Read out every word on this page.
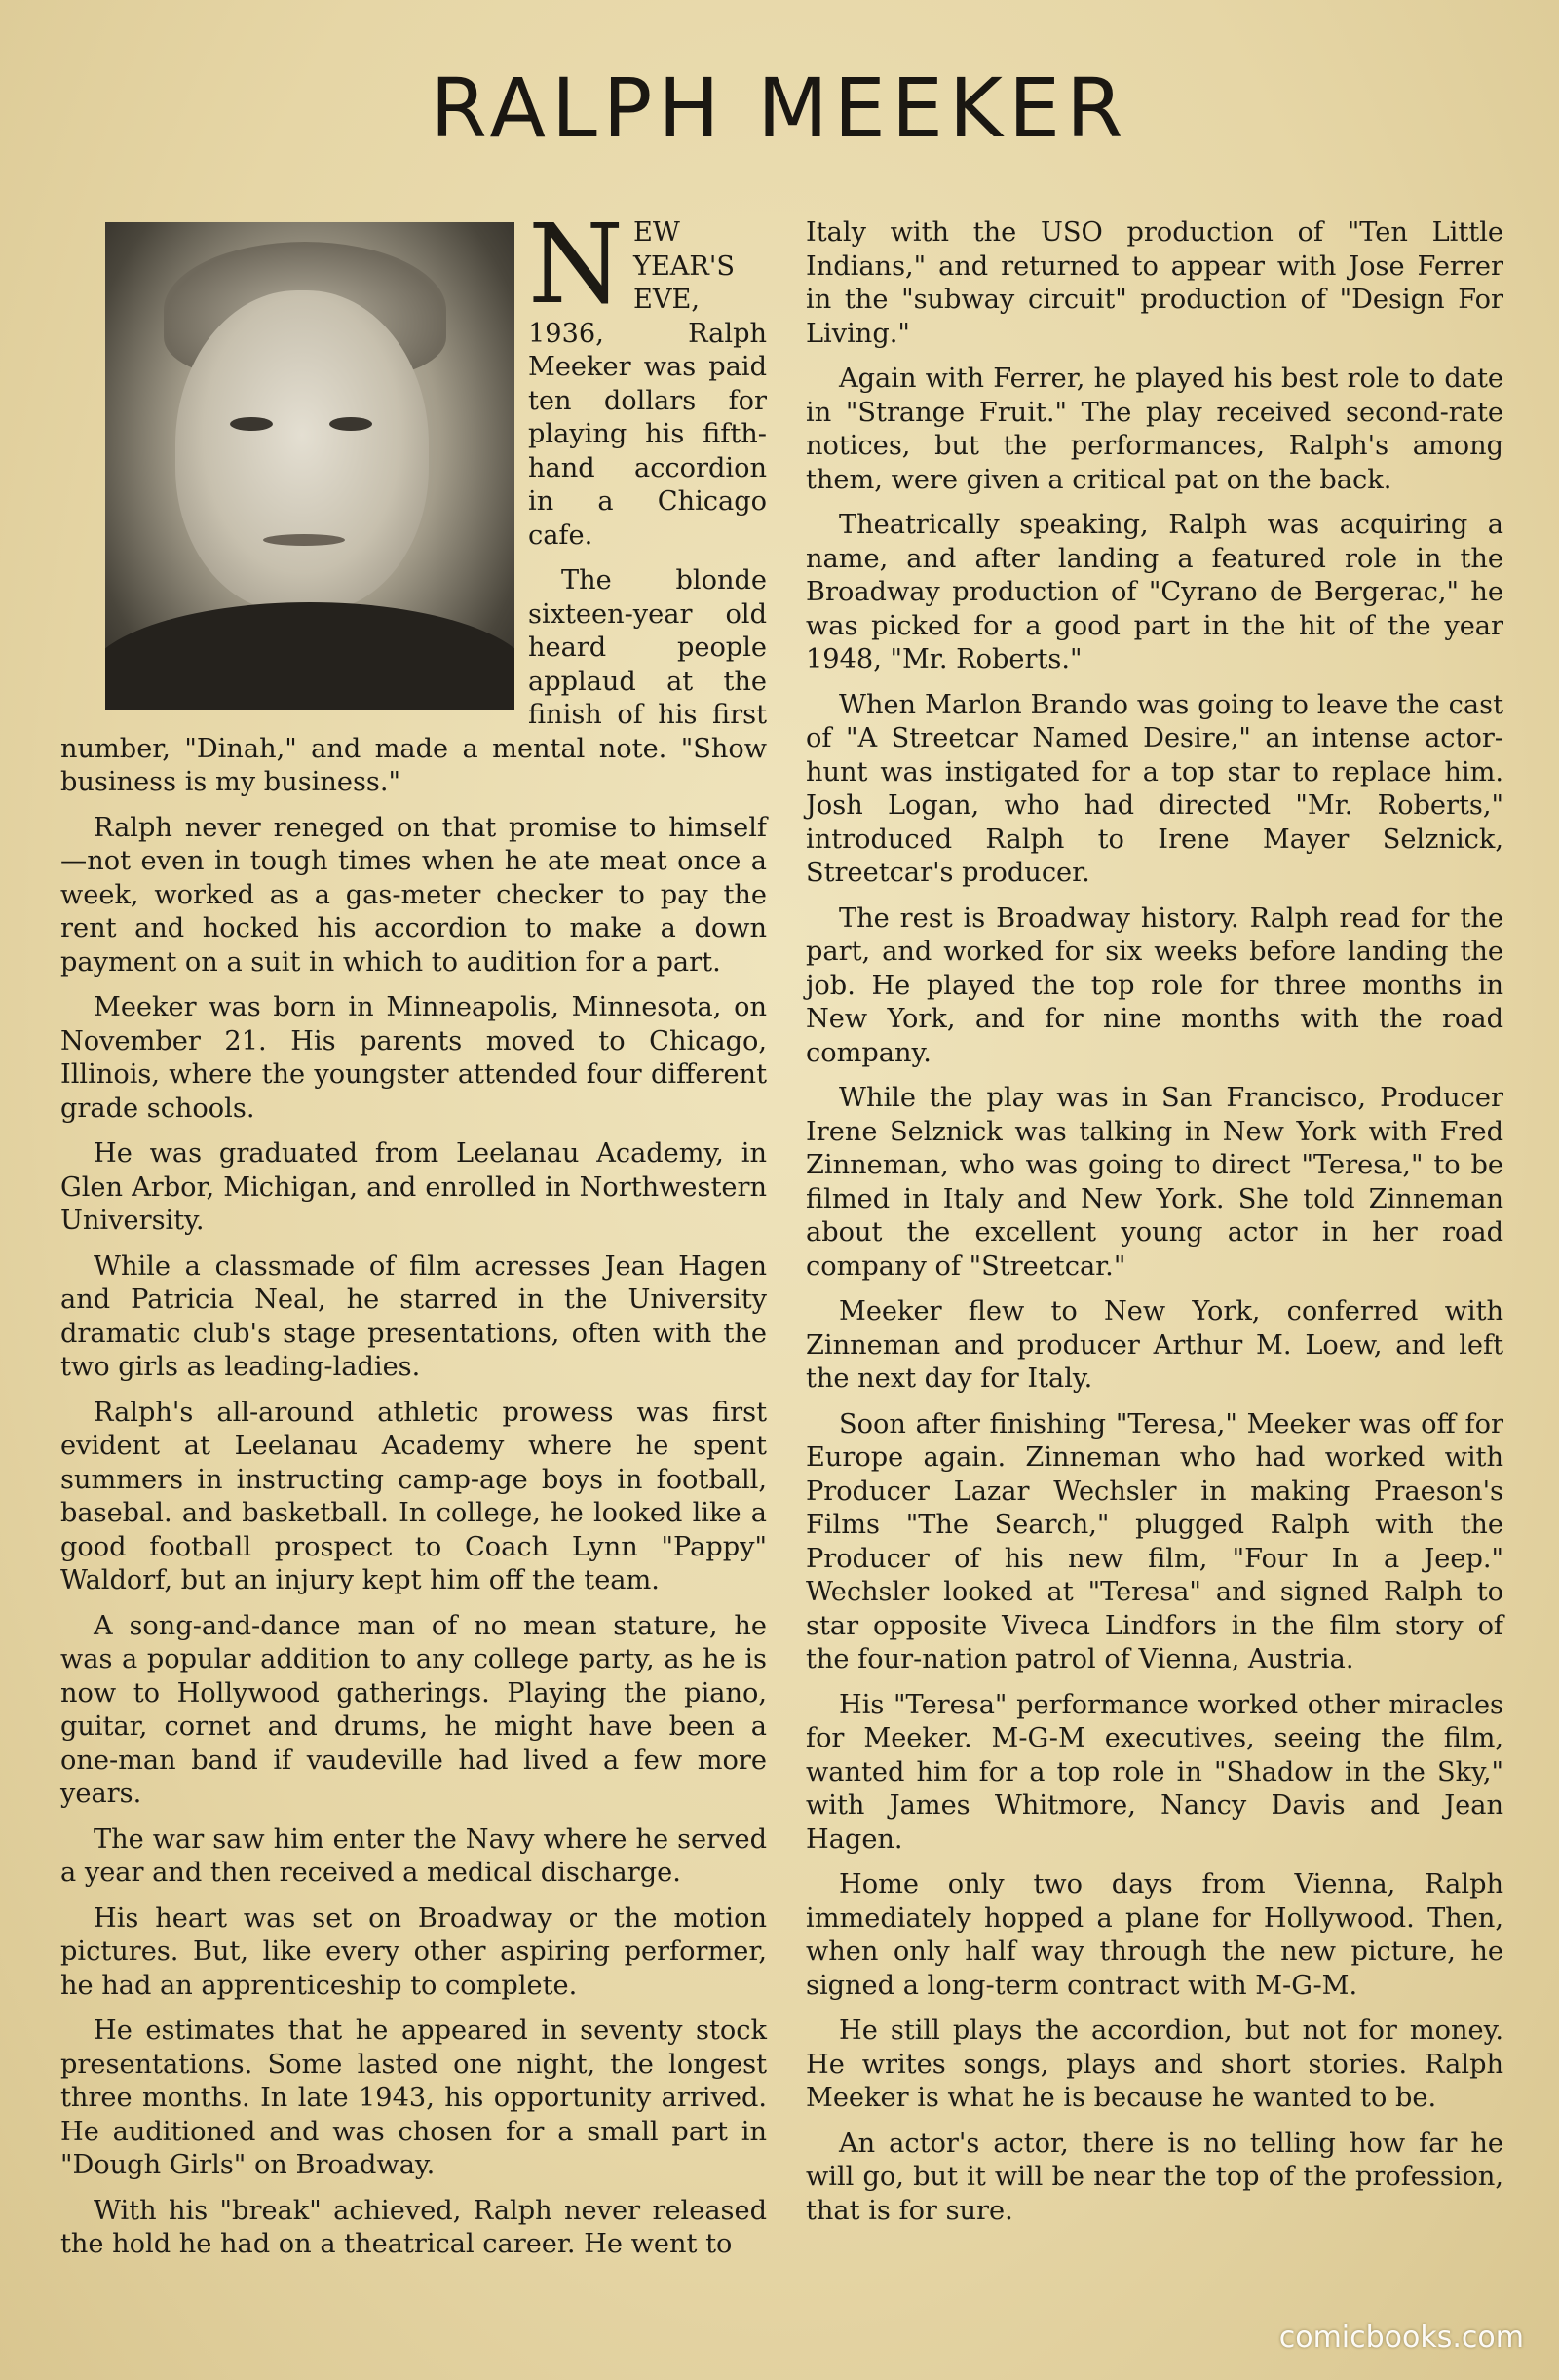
RALPH MEEKER

NEW YEAR'S EVE, 1936, Ralph Meeker was paid ten dollars for playing his fifth-hand accordion in a Chicago cafe.

The blonde sixteen-year old heard people applaud at the finish of his first number, "Dinah," and made a mental note. "Show business is my business."

Ralph never reneged on that promise to himself —not even in tough times when he ate meat once a week, worked as a gas-meter checker to pay the rent and hocked his accordion to make a down payment on a suit in which to audition for a part.

Meeker was born in Minneapolis, Minnesota, on November 21. His parents moved to Chicago, Illinois, where the youngster attended four different grade schools.

He was graduated from Leelanau Academy, in Glen Arbor, Michigan, and enrolled in Northwestern University.

While a classmade of film acresses Jean Hagen and Patricia Neal, he starred in the University dramatic club's stage presentations, often with the two girls as leading-ladies.

Ralph's all-around athletic prowess was first evident at Leelanau Academy where he spent summers in instructing camp-age boys in football, basebal. and basketball. In college, he looked like a good football prospect to Coach Lynn "Pappy" Waldorf, but an injury kept him off the team.

A song-and-dance man of no mean stature, he was a popular addition to any college party, as he is now to Hollywood gatherings. Playing the piano, guitar, cornet and drums, he might have been a one-man band if vaudeville had lived a few more years.

The war saw him enter the Navy where he served a year and then received a medical discharge.

His heart was set on Broadway or the motion pictures. But, like every other aspiring performer, he had an apprenticeship to complete.

He estimates that he appeared in seventy stock presentations. Some lasted one night, the longest three months. In late 1943, his opportunity arrived. He auditioned and was chosen for a small part in "Dough Girls" on Broadway.

With his "break" achieved, Ralph never released the hold he had on a theatrical career. He went to

Italy with the USO production of "Ten Little Indians," and returned to appear with Jose Ferrer in the "subway circuit" production of "Design For Living."

Again with Ferrer, he played his best role to date in "Strange Fruit." The play received second-rate notices, but the performances, Ralph's among them, were given a critical pat on the back.

Theatrically speaking, Ralph was acquiring a name, and after landing a featured role in the Broadway production of "Cyrano de Bergerac," he was picked for a good part in the hit of the year 1948, "Mr. Roberts."

When Marlon Brando was going to leave the cast of "A Streetcar Named Desire," an intense actor-hunt was instigated for a top star to replace him. Josh Logan, who had directed "Mr. Roberts," introduced Ralph to Irene Mayer Selznick, Streetcar's producer.

The rest is Broadway history. Ralph read for the part, and worked for six weeks before landing the job. He played the top role for three months in New York, and for nine months with the road company.

While the play was in San Francisco, Producer Irene Selznick was talking in New York with Fred Zinneman, who was going to direct "Teresa," to be filmed in Italy and New York. She told Zinneman about the excellent young actor in her road company of "Streetcar."

Meeker flew to New York, conferred with Zinneman and producer Arthur M. Loew, and left the next day for Italy.

Soon after finishing "Teresa," Meeker was off for Europe again. Zinneman who had worked with Producer Lazar Wechsler in making Praeson's Films "The Search," plugged Ralph with the Producer of his new film, "Four In a Jeep." Wechsler looked at "Teresa" and signed Ralph to star opposite Viveca Lindfors in the film story of the four-nation patrol of Vienna, Austria.

His "Teresa" performance worked other miracles for Meeker. M-G-M executives, seeing the film, wanted him for a top role in "Shadow in the Sky," with James Whitmore, Nancy Davis and Jean Hagen.

Home only two days from Vienna, Ralph immediately hopped a plane for Hollywood. Then, when only half way through the new picture, he signed a long-term contract with M-G-M.

He still plays the accordion, but not for money. He writes songs, plays and short stories. Ralph Meeker is what he is because he wanted to be.

An actor's actor, there is no telling how far he will go, but it will be near the top of the profession, that is for sure.

comicbooks.com
